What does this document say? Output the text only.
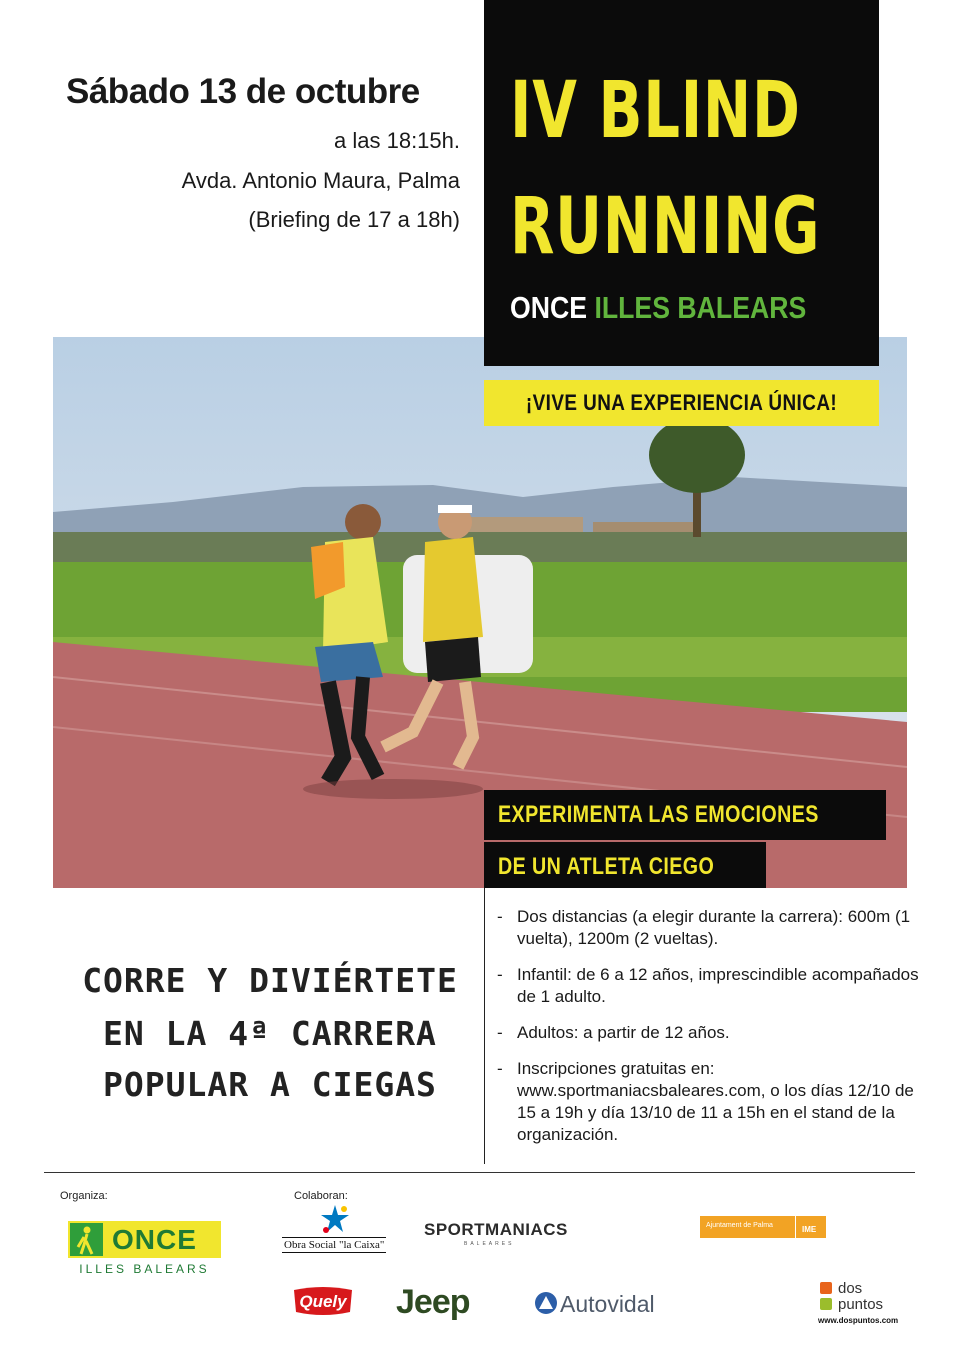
Sábado 13 de octubre
a las 18:15h.
Avda. Antonio Maura, Palma
(Briefing de 17 a 18h)
IV BLIND
RUNNING
ONCE ILLES BALEARS
¡VIVE UNA EXPERIENCIA ÚNICA!
EXPERIMENTA LAS EMOCIONES
DE UN ATLETA CIEGO
CORRE Y DIVIÉRTETE
EN LA 4ª CARRERA
POPULAR A CIEGAS
- Dos distancias (a elegir durante la carrera): 600m (1 vuelta), 1200m (2 vueltas).
- Infantil: de 6 a 12 años, imprescindible acompañados de 1 adulto.
- Adultos: a partir de 12 años.
- Inscripciones gratuitas en: www.sportmaniacsbaleares.com, o los días 12/10 de 15 a 19h y día 13/10 de 11 a 15h en el stand de la organización.
Organiza:	Colaboran:
ONCE
ILLES BALEARS
Obra Social "la Caixa"
SPORTMANIACS
BALEARES
Ajuntament de Palma	IME
Quely Jeep	Autovidal
dos
puntos
www.dospuntos.com
